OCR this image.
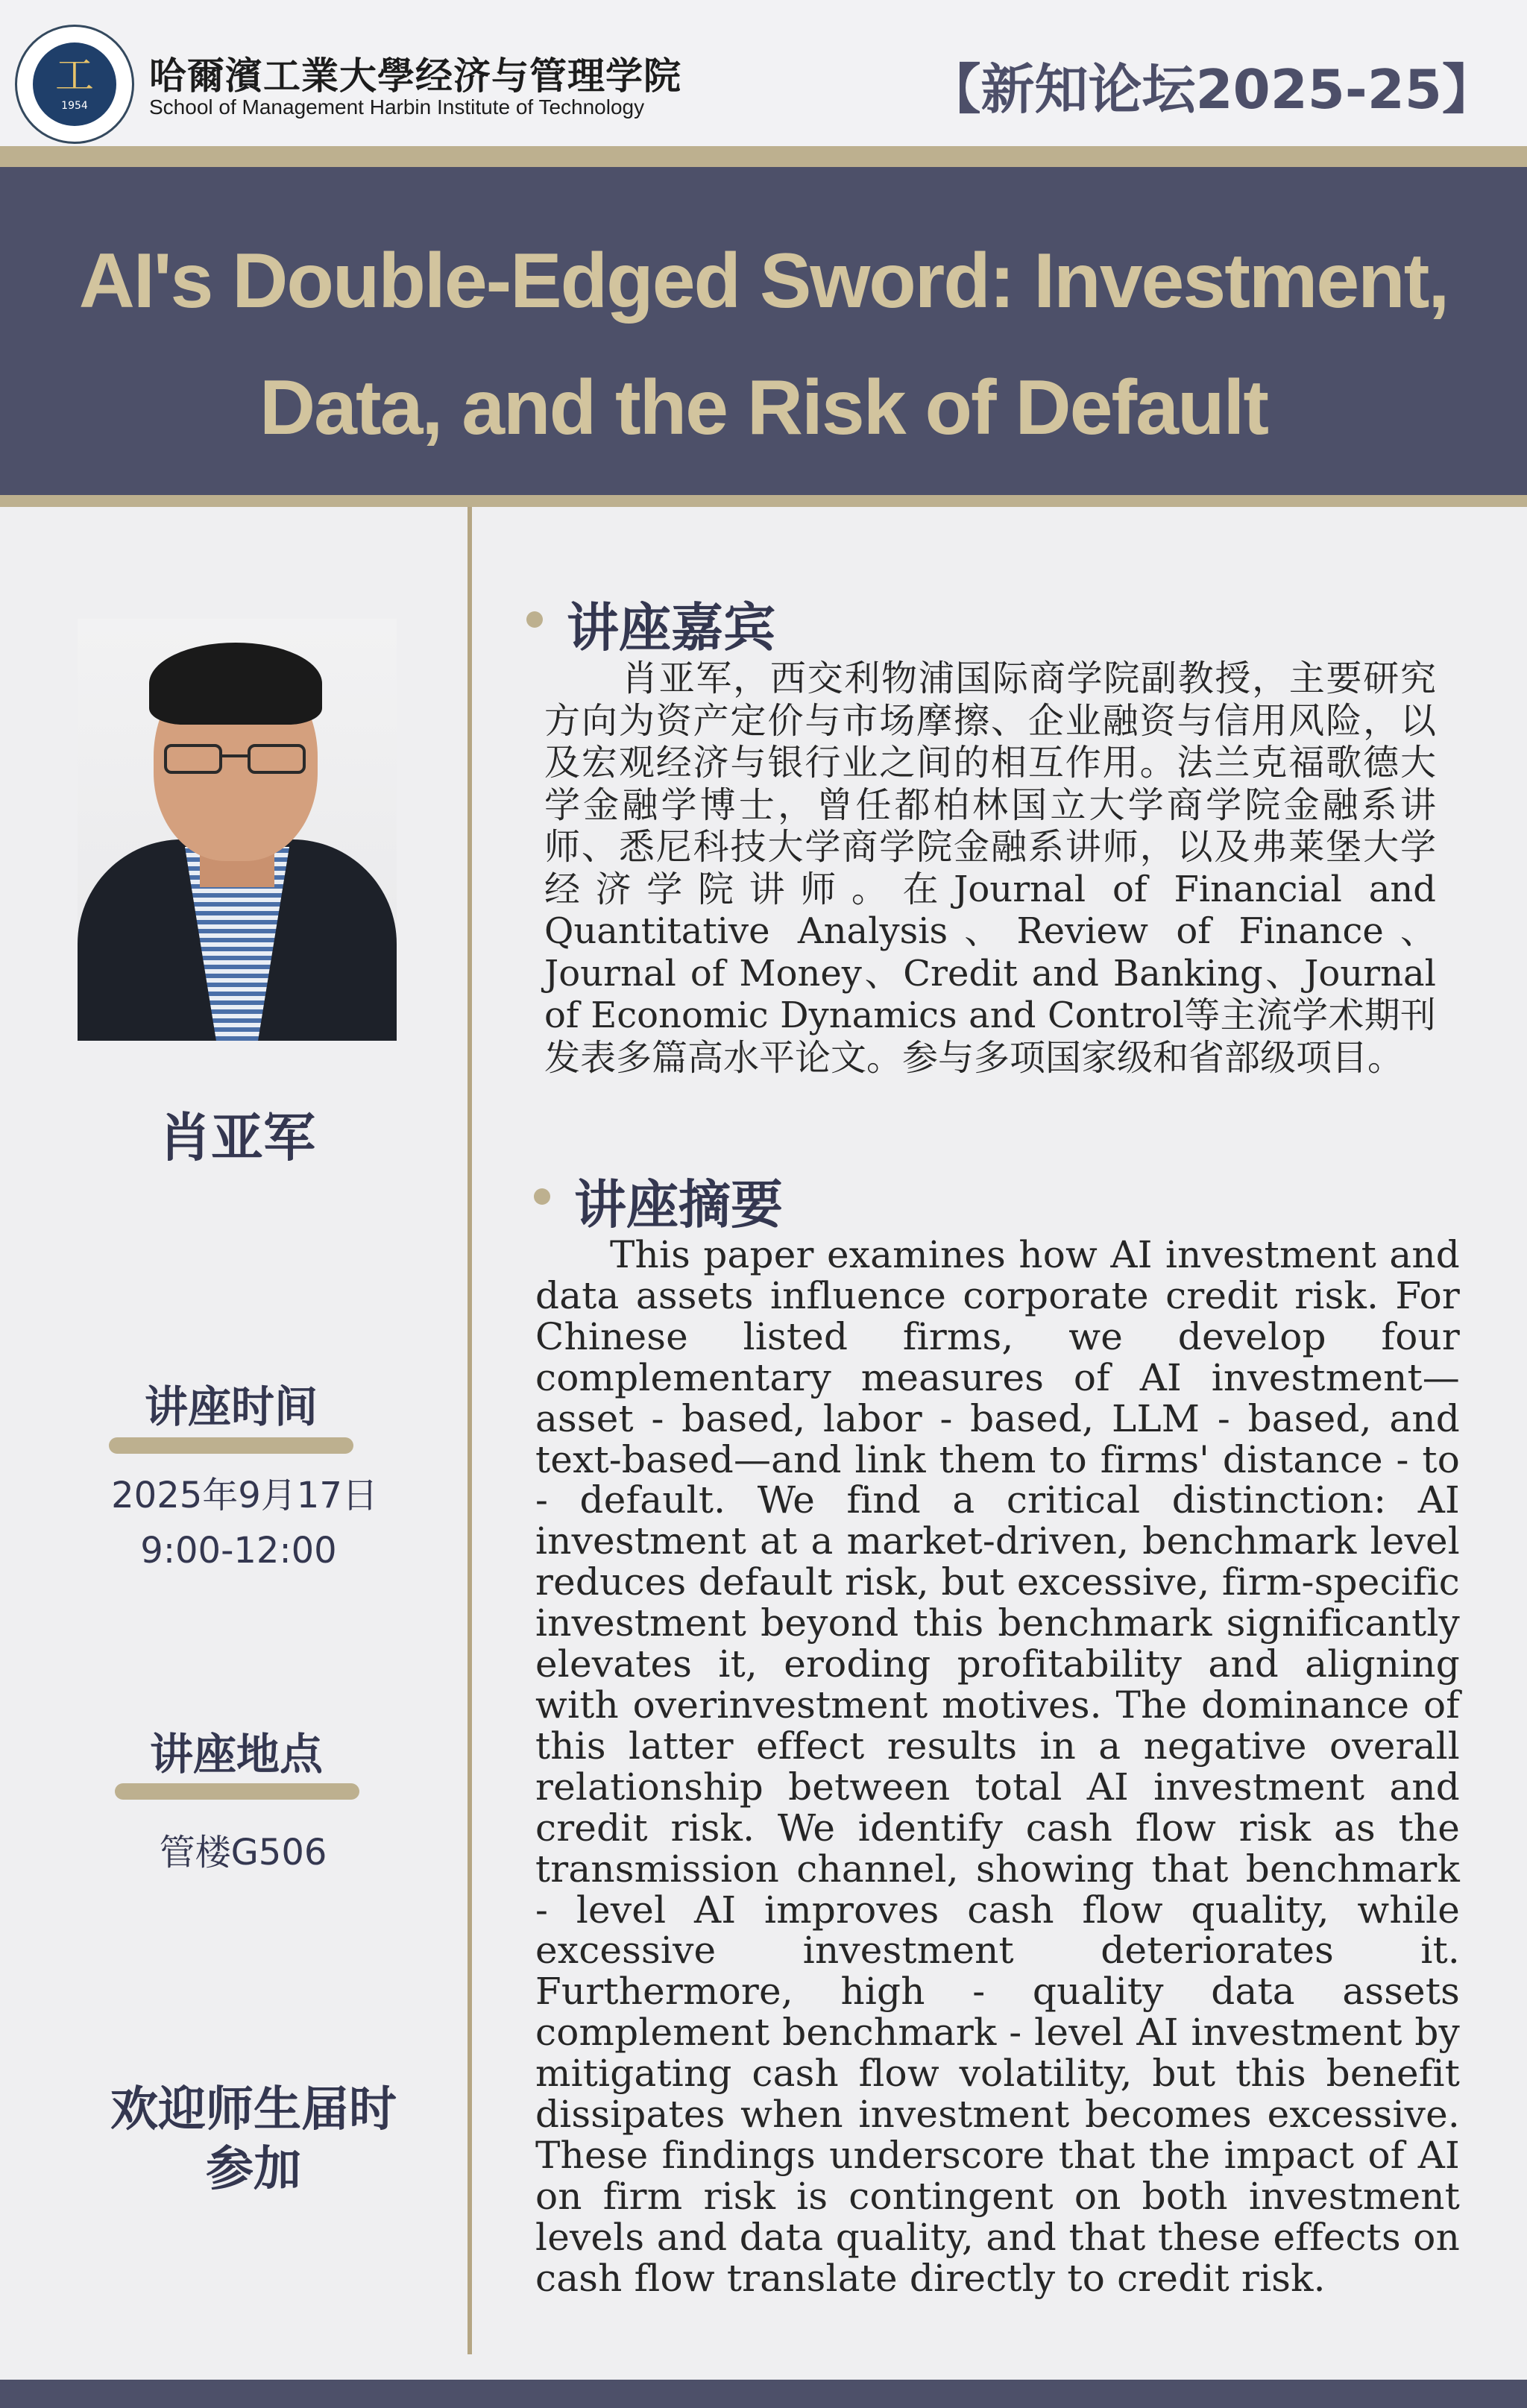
工
1954
哈爾濱工業大學经济与管理学院
School of Management Harbin Institute of Technology	【新知论坛2025-25】
AI's Double-Edged Sword: Investment,
Data, and the Risk of Default
肖亚军
讲座时间
2025年9月17日
9:00-12:00
讲座地点
管楼G506
欢迎师生届时
参加
讲座嘉宾

肖亚军，西交利物浦国际商学院副教授，主要研究方向为资产定价与市场摩擦、企业融资与信用风险，以及宏观经济与银行业之间的相互作用。法兰克福歌德大学金融学博士，曾任都柏林国立大学商学院金融系讲师、悉尼科技大学商学院金融系讲师，以及弗莱堡大学经济学院讲师。在Journal of Financial and Quantitative Analysis、Review of Finance、Journal of Money、Credit and Banking、Journal of Economic Dynamics and Control等主流学术期刊发表多篇高水平论文。参与多项国家级和省部级项目。

讲座摘要

This paper examines how AI investment and data assets influence corporate credit risk. For Chinese listed firms, we develop four complementary measures of AI investment—asset - based, labor - based, LLM - based, and text-based—and link them to firms' distance - to - default. We find a critical distinction: AI investment at a market-driven, benchmark level reduces default risk, but excessive, firm-specific investment beyond this benchmark significantly elevates it, eroding profitability and aligning with overinvestment motives. The dominance of this latter effect results in a negative overall relationship between total AI investment and credit risk. We identify cash flow risk as the transmission channel, showing that benchmark - level AI improves cash flow quality, while excessive investment deteriorates it. Furthermore, high - quality data assets complement benchmark - level AI investment by mitigating cash flow volatility, but this benefit dissipates when investment becomes excessive. These findings underscore that the impact of AI on firm risk is contingent on both investment levels and data quality, and that these effects on cash flow translate directly to credit risk.
